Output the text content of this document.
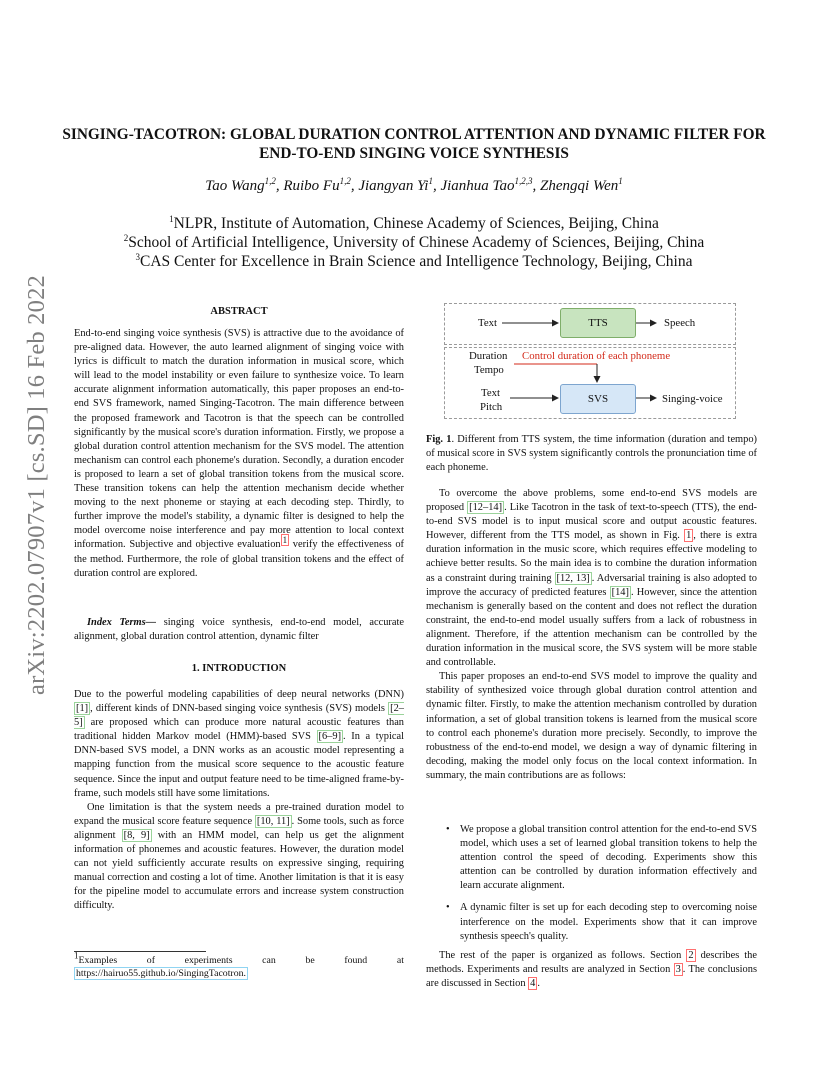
arXiv:2202.07907v1 [cs.SD] 16 Feb 2022
SINGING-TACOTRON: GLOBAL DURATION CONTROL ATTENTION AND DYNAMIC FILTER FOR END-TO-END SINGING VOICE SYNTHESIS
Tao Wang$^{1,2}$, Ruibo Fu$^{1,2}$, Jiangyan Yi$^1$, Jianhua Tao$^{1,2,3}$, Zhengqi Wen$^1$
$^1$NLPR, Institute of Automation, Chinese Academy of Sciences, Beijing, China
$^2$School of Artificial Intelligence, University of Chinese Academy of Sciences, Beijing, China
$^3$CAS Center for Excellence in Brain Science and Intelligence Technology, Beijing, China
ABSTRACT

End-to-end singing voice synthesis (SVS) is attractive due to the avoidance of pre-aligned data. However, the auto learned alignment of singing voice with lyrics is difficult to match the duration information in musical score, which will lead to the model instability or even failure to synthesize voice. To learn accurate alignment information automatically, this paper proposes an end-to-end SVS framework, named Singing-Tacotron. The main difference between the proposed framework and Tacotron is that the speech can be controlled significantly by the musical score's duration information. Firstly, we propose a global duration control attention mechanism for the SVS model. The attention mechanism can control each phoneme's duration. Secondly, a duration encoder is proposed to learn a set of global transition tokens from the musical score. These transition tokens can help the attention mechanism decide whether moving to the next phoneme or staying at each decoding step. Thirdly, to further improve the model's stability, a dynamic filter is designed to help the model overcome noise interference and pay more attention to local context information. Subjective and objective evaluation $^1$ verify the effectiveness of the method. Furthermore, the role of global transition tokens and the effect of duration control are explored.

Index Terms— singing voice synthesis, end-to-end model, accurate alignment, global duration control attention, dynamic filter

1. INTRODUCTION

Due to the powerful modeling capabilities of deep neural networks (DNN) [1] , different kinds of DNN-based singing voice synthesis (SVS) models [2–5] are proposed which can produce more natural acoustic features than traditional hidden Markov model (HMM)-based SVS [6–9] . In a typical DNN-based SVS model, a DNN works as an acoustic model representing a mapping function from the musical score sequence to the acoustic feature sequence. Since the input and output feature need to be time-aligned frame-by-frame, such models still have some limitations.

One limitation is that the system needs a pre-trained duration model to expand the musical score feature sequence [10, 11] . Some tools, such as force alignment [8, 9] with an HMM model, can help us get the alignment information of phonemes and acoustic features. However, the duration model can not yield sufficiently accurate results on expressive singing, requiring manual correction and costing a lot of time. Another limitation is that it is easy for the pipeline model to accumulate errors and increase system construction difficulty.

$^1$Examples	of	experiments	can	be	found	at
https://hairuo55.github.io/SingingTacotron.
Text	TTS	Speech
Duration
Tempo
Control duration of each phoneme
Text
Pitch
SVS	Singing-voice

Fig. 1. Different from TTS system, the time information (duration and tempo) of musical score in SVS system significantly controls the pronunciation time of each phoneme.

To overcome the above problems, some end-to-end SVS models are proposed [12–14] . Like Tacotron in the task of text-to-speech (TTS), the end-to-end SVS model is to input musical score and output acoustic features. However, different from the TTS model, as shown in Fig. 1 , there is extra duration information in the music score, which requires effective modeling to achieve better results. So the main idea is to combine the duration information as a constraint during training [12, 13] . Adversarial training is also adopted to improve the accuracy of predicted features [14] . However, since the attention mechanism is generally based on the content and does not reflect the duration constraint, the end-to-end model usually suffers from a lack of robustness in alignment. Therefore, if the attention mechanism can be controlled by the duration information in the musical score, the SVS system will be more stable and controllable.

This paper proposes an end-to-end SVS model to improve the quality and stability of synthesized voice through global duration control attention and dynamic filter. Firstly, to make the attention mechanism controlled by duration information, a set of global transition tokens is learned from the musical score to control each phoneme's duration more precisely. Secondly, to improve the robustness of the end-to-end model, we design a way of dynamic filtering in decoding, making the model only focus on the local context information. In summary, the main contributions are as follows:

• We propose a global transition control attention for the end-to-end SVS model, which uses a set of learned global transition tokens to help the attention control the speed of decoding. Experiments show this attention can be controlled by duration information effectively and learn accurate alignment.
• A dynamic filter is set up for each decoding step to overcoming noise interference on the model. Experiments show that it can improve synthesis speech's quality.

The rest of the paper is organized as follows. Section 2 describes the methods. Experiments and results are analyzed in Section 3 . The conclusions are discussed in Section 4 .
